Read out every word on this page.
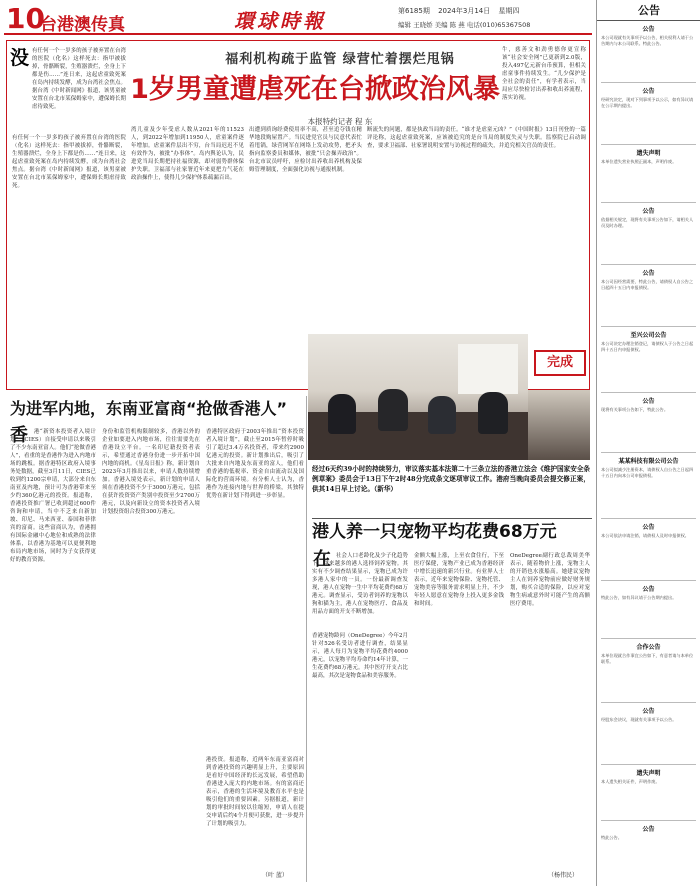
10
台港澳传真	環球時報	第6185期 2024年3月14日 星期四
编辑 王晓娇 美编 陈 燕 电话(010)65367508
福利机构疏于监管 绿营忙着摆烂甩锅
1岁男童遭虐死在台掀政治风暴
本报特约记者 程 东
没 有任何一个一岁多的孩子被弃置在台湾的医院（化名）这样死去：指甲被拔掉，骨骼断裂，生殖器溃烂，全身上下都是伤……”连日来，这起虐童致死案在岛内持续发酵，成为台湾社会焦点。据台湾《中时新闻网》报道，该男童被安置在台北市某保姆家中，遭保姆长期虐待致死。
有任何一个一岁多的孩子被弃置在台湾的医院（化名）这样死去：指甲被拔掉，骨骼断裂，生殖器溃烂，全身上下都是伤……”连日来，这起虐童致死案在岛内持续发酵，成为台湾社会焦点。据台湾《中时新闻网》报道，该男童被安置在台北市某保姆家中，遭保姆长期虐待致死。
湾儿童及少年受虐人数从2021年的11523人，到2022年增加到11950人，虐童案件逐年增加。虐童案件层出不穷，台当局迟迟不见有效作为，被批“办事体”。岛内舆论认为，民进党当局长期把持社福资源，却对弱势群体保护失职。卫福部与社家署近年来更把力气花在政治操作上，使得儿少保护体系疏漏百出。
出遭到质询经费使用率不高，甚至追夺钱在精华地段购屋置产。当民进党官员与民意代表忙着甩锅，绿营网军在网络上发动攻势，把矛头指向监察委员和媒体，被批“只会操弄政治”。台北市议员呼吁，应检讨出养收出养机构及保姆管理制度，全面强化访视与通报机制。
牛，慈善文和劲勇德你更宣称该“社会安全网”已更新到2.0版，投入497亿元新台币预算，但相关虐童事件持续发生。“儿少保护是全社会的责任”，有学者表示，当局应尽快检讨出养和收出养流程，落实访视。
断流失的问题，都是执政当局的责任。“谁才是虐童元凶？”《中国时报》13日刊登的一篇评论称，这起虐童致死案，应该被追究的是台当局的制度失灵与失职。监察院已启动调查，要求卫福部、社家署说明安置与访视过程的疏失，并追究相关官员的责任。
完成
经过6天约39小时的持续努力，审议落实基本法第二十三条立法的香港立法会《维护国家安全条例草案》委员会于13日下午2时48分完成条文逐项审议工作。港府当晚向委员会提交修正案，供其14日早上讨论。（新华）
为进军内地，东南亚富商“抢做香港人”
香	港“新资本投资者入境计划”（CIES）自接受申请以来吸引了不少东南亚富人。他们“抢做香港人”，看重的是香港作为进入内地市场的跳板。据香港特区政府入境事务处数据，截至3月11日，CIES已收到约1200宗申请，大部分来自东南亚及内地，预计可为香港带来至少约360亿港元的投资。报道称，香港投资推广署已收到超过600件咨询和申请，当中不乏来自新加坡、印尼、马来西亚、泰国和菲律宾的富商。这些富商认为，香港拥有国际金融中心地位和成熟的法律体系，以香港为基地可以更便利地布局内地市场，同时为子女获得更好的教育资源。
身份和监管机构限制较多，香港以外的企业如要进入内地市场，往往需要先在香港设立平台。一名印尼籍投资者表示，希望通过香港身份进一步开拓中国内地的商机。《星岛日报》称，新计划自2023年3月推出以来，申请人数持续增加。香港入境处表示，新计划的申请人须在香港投资不少于3000万港元，包括在获许投资资产类别中投资至少2700万港元，以及向新设立的资本投资者入境计划投资组合投资300万港元。
香港特区政府于2003年推出“资本投资者入境计划”，截止至2015年暂停时吸引了超过3.4万名投资者，带来约2900亿港元的投资。新计划推出后，吸引了大批来自内地及东南亚的富人，他们看重香港的低税率、资金自由流动以及国际化的营商环境。有分析人士认为，香港作为连接内地与世界的桥梁，其独特优势在新计划下得到进一步彰显。
港投资。报道称，近两年东南亚富商对到香港投资的兴趣明显上升，主要原因是看好中国经济的长远发展，希望借助香港进入庞大的内地市场。有的富商还表示，香港的生活环境及教育水平也是吸引他们的重要因素。另据报道，新计划的审批时间较以往缩短，申请人在提交申请后约4个月便可获批，进一步提升了计划的吸引力。
（叶 蓝）
港人养一只宠物平均花费68万元
在 社会人口老龄化及少子化趋势下，越来越多的港人选择饲养宠物。其实有不少调查结果显示，宠物已成为许多港人家中的一员。一份最新调查发现，港人在宠物一生中平均花费约68万港元。调查显示，受访者饲养的宠物以狗和猫为主，港人在宠物医疗、食品及用品方面的开支不断增加。
香港宠物龄问（OneDegree）今年2月针对526名受访者进行调查，结果显示，港人每月为宠物平均花费约4000港元，以宠物平均寿命约14年计算，一生花费约68万港元。其中医疗开支占比最高，其次是宠物食品和美容服务。
金额大幅上涨，上至衣食住行，下至医疗保健，宠物产业已成为香港经济中增长迅速的新兴行业。有业界人士表示，近年来宠物保险、宠物托管、宠物美容等服务需求明显上升，不少年轻人愿意在宠物身上投入更多金钱和时间。
OneDegree副行政总裁周美华表示，随着物价上涨，宠物主人的开销也水涨船高。她建议宠物主人在饲养宠物前应做好财务规划，购买合适的保险，以应对宠物生病或意外时可能产生的高额医疗费用。
（杨伟民）
公告
公告
本公司现就有关事项予以公告，相关权利人请于公告期内与本公司联系。特此公告。
公告
经研究决定，现对下列事项予以公示，如有异议请在公示期内提出。
遗失声明
本单位遗失营业执照正副本，声明作废。
公告
依据相关规定，现将有关事项公告如下，请相关人员及时办理。
公告
本公司因经营需要，特此公告，请债权人自公告之日起四十五日内申报债权。
至兴公司公告
本公司决定办理注销登记，请债权人于公告之日起四十五日内申报债权。
公告
现将有关事项公告如下，特此公告。
某某科技有限公司公告
本公司拟减少注册资本，请债权人自公告之日起四十五日内向本公司申报债权。
公告
本公司依法申请注销，请债权人及时申报债权。
公告
特此公告，如有异议请于公告期内提出。
合作公告
本单位现就合作事宜公告如下，有意者请与本单位联系。
公告
经股东会决议，现就有关事项予以公告。
遗失声明
本人遗失相关证件，声明作废。
公告
特此公告。
